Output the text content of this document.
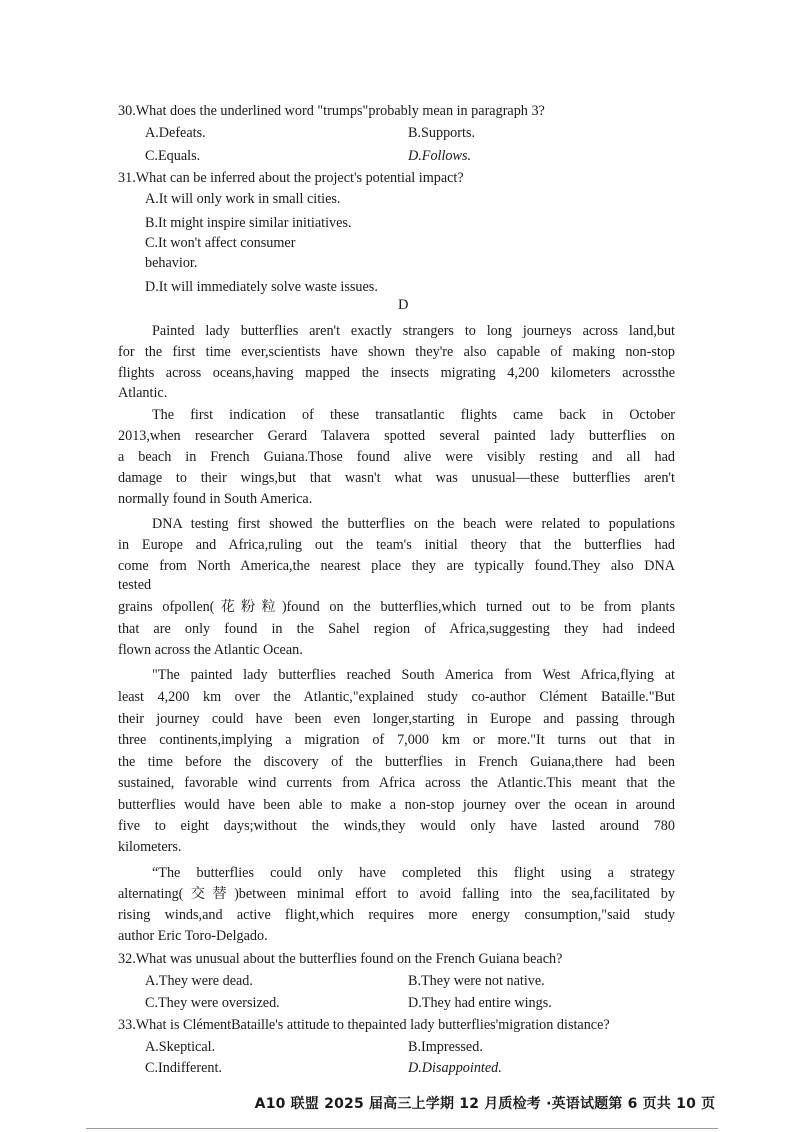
30.What does the underlined word "trumps"probably mean in paragraph 3?
A.Defeats.	B.Supports.
C.Equals.	D.Follows.
31.What can be inferred about the project's potential impact?
A.It will only work in small cities.
B.It might inspire similar initiatives.
C.It won't affect consumer
behavior.
D.It will immediately solve waste issues.
D
Painted lady butterflies aren't exactly strangers to long journeys across land,but
for the first time ever,scientists have shown they're also capable of making non-stop
flights across oceans,having mapped the insects migrating 4,200 kilometers acrossthe
Atlantic.
The first indication of these transatlantic flights came back in October
2013,when researcher Gerard Talavera spotted several painted lady butterflies on
a beach in French Guiana.Those found alive were visibly resting and all had
damage to their wings,but that wasn't what was unusual—these butterflies aren't
normally found in South America.
DNA testing first showed the butterflies on the beach were related to populations
in Europe and Africa,ruling out the team's initial theory that the butterflies had
come from North America,the nearest place they are typically found.They also DNA
tested
grains ofpollen(花粉粒)found on the butterflies,which turned out to be from plants
that are only found in the Sahel region of Africa,suggesting they had indeed
flown across the Atlantic Ocean.
"The painted lady butterflies reached South America from West Africa,flying at
least 4,200 km over the Atlantic,"explained study co-author Clément Bataille."But
their journey could have been even longer,starting in Europe and passing through
three continents,implying a migration of 7,000 km or more."It turns out that in
the time before the discovery of the butterflies in French Guiana,there had been
sustained, favorable wind currents from Africa across the Atlantic.This meant that the
butterflies would have been able to make a non-stop journey over the ocean in around
five to eight days;without the winds,they would only have lasted around 780
kilometers.
“The butterflies could only have completed this flight using a strategy
alternating(交替)between minimal effort to avoid falling into the sea,facilitated by
rising winds,and active flight,which requires more energy consumption,"said study
author Eric Toro-Delgado.
32.What was unusual about the butterflies found on the French Guiana beach?
A.They were dead.	B.They were not native.
C.They were oversized.	D.They had entire wings.
33.What is ClémentBataille's attitude to thepainted lady butterflies'migration distance?
A.Skeptical.	B.Impressed.
C.Indifferent.	D.Disappointed.
A10 联盟 2025 届高三上学期 12 月质检考 ·英语试题第 6 页共 10 页
